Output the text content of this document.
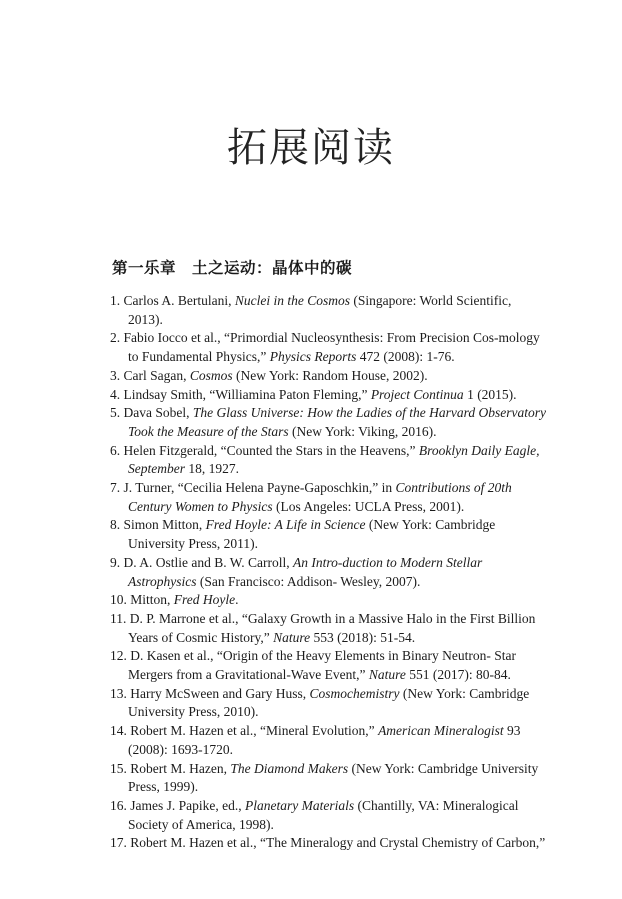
拓展阅读
第一乐章　土之运动：晶体中的碳
1. Carlos A. Bertulani, Nuclei in the Cosmos (Singapore: World Scientific, 2013).
2. Fabio Iocco et al., “Primordial Nucleosynthesis: From Precision Cos-mology to Fundamental Physics,” Physics Reports 472 (2008): 1-76.
3. Carl Sagan, Cosmos (New York: Random House, 2002).
4. Lindsay Smith, “Williamina Paton Fleming,” Project Continua 1 (2015).
5. Dava Sobel, The Glass Universe: How the Ladies of the Harvard Observatory Took the Measure of the Stars (New York: Viking, 2016).
6. Helen Fitzgerald, “Counted the Stars in the Heavens,” Brooklyn Daily Eagle, September 18, 1927.
7. J. Turner, “Cecilia Helena Payne-Gaposchkin,” in Contributions of 20th Century Women to Physics (Los Angeles: UCLA Press, 2001).
8. Simon Mitton, Fred Hoyle: A Life in Science (New York: Cambridge University Press, 2011).
9. D. A. Ostlie and B. W. Carroll, An Intro-duction to Modern Stellar Astrophysics (San Francisco: Addison- Wesley, 2007).
10. Mitton, Fred Hoyle.
11. D. P. Marrone et al., “Galaxy Growth in a Massive Halo in the First Billion Years of Cosmic History,” Nature 553 (2018): 51-54.
12. D. Kasen et al., “Origin of the Heavy Elements in Binary Neutron- Star Mergers from a Gravitational-Wave Event,” Nature 551 (2017): 80-84.
13. Harry McSween and Gary Huss, Cosmochemistry (New York: Cambridge University Press, 2010).
14. Robert M. Hazen et al., “Mineral Evolution,” American Mineralogist 93 (2008): 1693-1720.
15. Robert M. Hazen, The Diamond Makers (New York: Cambridge University Press, 1999).
16. James J. Papike, ed., Planetary Materials (Chantilly, VA: Mineralogical Society of America, 1998).
17. Robert M. Hazen et al., “The Mineralogy and Crystal Chemistry of Carbon,”
